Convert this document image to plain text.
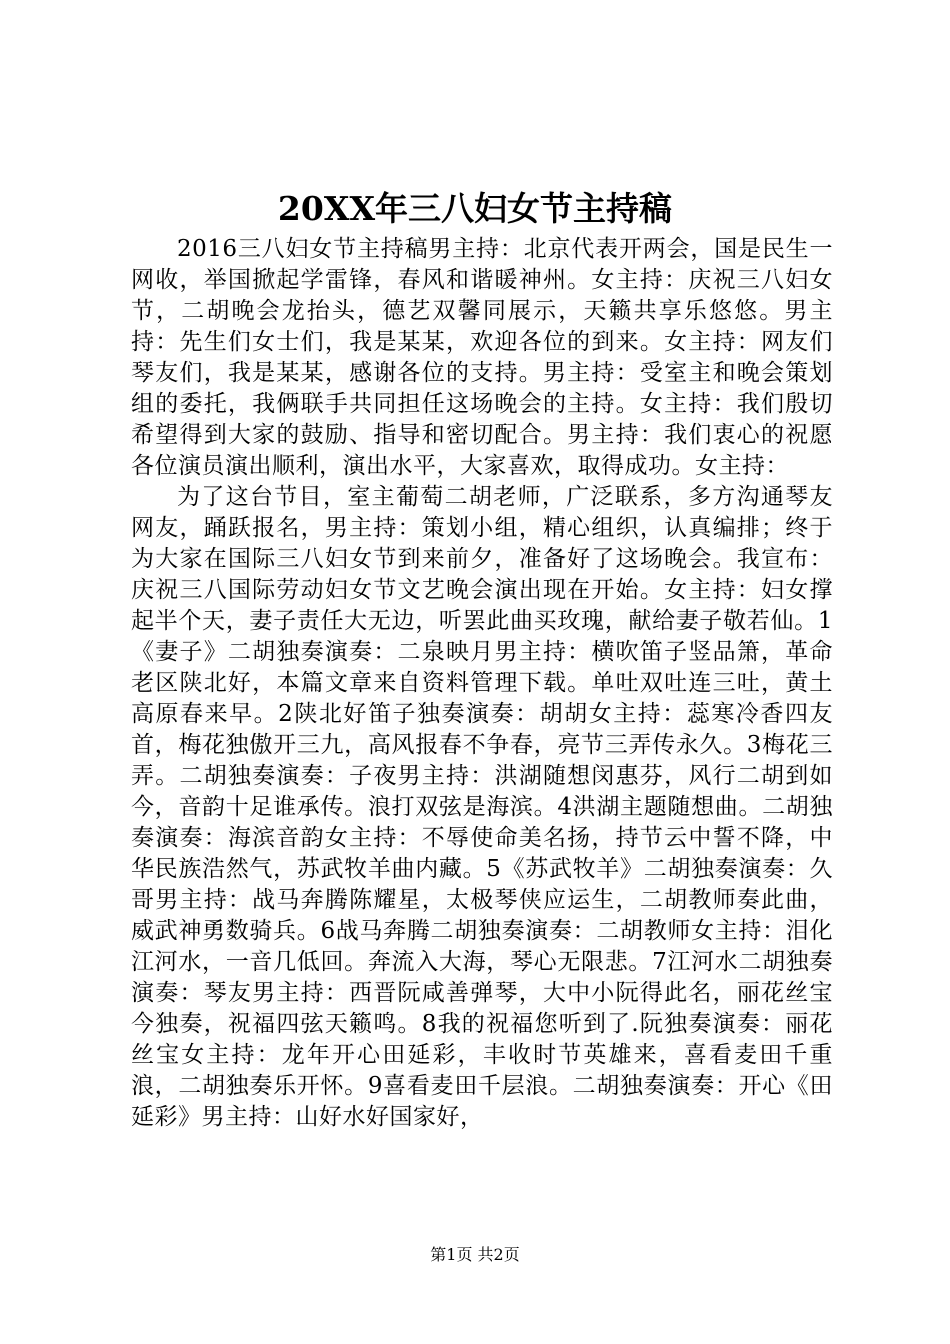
20XX年三八妇女节主持稿

2016三八妇女节主持稿男主持：北京代表开两会，国是民生一网收，举国掀起学雷锋，春风和谐暖神州。女主持：庆祝三八妇女节，二胡晚会龙抬头，德艺双馨同展示，天籁共享乐悠悠。男主持：先生们女士们，我是某某，欢迎各位的到来。女主持：网友们琴友们，我是某某，感谢各位的支持。男主持：受室主和晚会策划组的委托，我俩联手共同担任这场晚会的主持。女主持：我们殷切希望得到大家的鼓励、指导和密切配合。男主持：我们衷心的祝愿各位演员演出顺利，演出水平，大家喜欢，取得成功。女主持：

为了这台节目，室主葡萄二胡老师，广泛联系，多方沟通琴友网友，踊跃报名，男主持：策划小组，精心组织，认真编排；终于为大家在国际三八妇女节到来前夕，准备好了这场晚会。我宣布：庆祝三八国际劳动妇女节文艺晚会演出现在开始。女主持：妇女撑起半个天，妻子责任大无边，听罢此曲买玫瑰，献给妻子敬若仙。1《妻子》二胡独奏演奏：二泉映月男主持：横吹笛子竖品箫，革命老区陕北好，本篇文章来自资料管理下载。单吐双吐连三吐，黄土高原春来早。2陕北好笛子独奏演奏：胡胡女主持：蕊寒冷香四友首，梅花独傲开三九，高风报春不争春，亮节三弄传永久。3梅花三弄。二胡独奏演奏：子夜男主持：洪湖随想闵惠芬，风行二胡到如今，音韵十足谁承传。浪打双弦是海滨。4洪湖主题随想曲。二胡独奏演奏：海滨音韵女主持：不辱使命美名扬，持节云中誓不降，中华民族浩然气，苏武牧羊曲内藏。5《苏武牧羊》二胡独奏演奏：久哥男主持：战马奔腾陈耀星，太极琴侠应运生，二胡教师奏此曲，威武神勇数骑兵。6战马奔腾二胡独奏演奏：二胡教师女主持：泪化江河水，一音几低回。奔流入大海，琴心无限悲。7江河水二胡独奏演奏：琴友男主持：西晋阮咸善弹琴，大中小阮得此名，丽花丝宝今独奏，祝福四弦天籁鸣。8我的祝福您听到了.阮独奏演奏：丽花丝宝女主持：龙年开心田延彩，丰收时节英雄来，喜看麦田千重浪，二胡独奏乐开怀。9喜看麦田千层浪。二胡独奏演奏：开心《田延彩》男主持：山好水好国家好，

第1页 共2页
